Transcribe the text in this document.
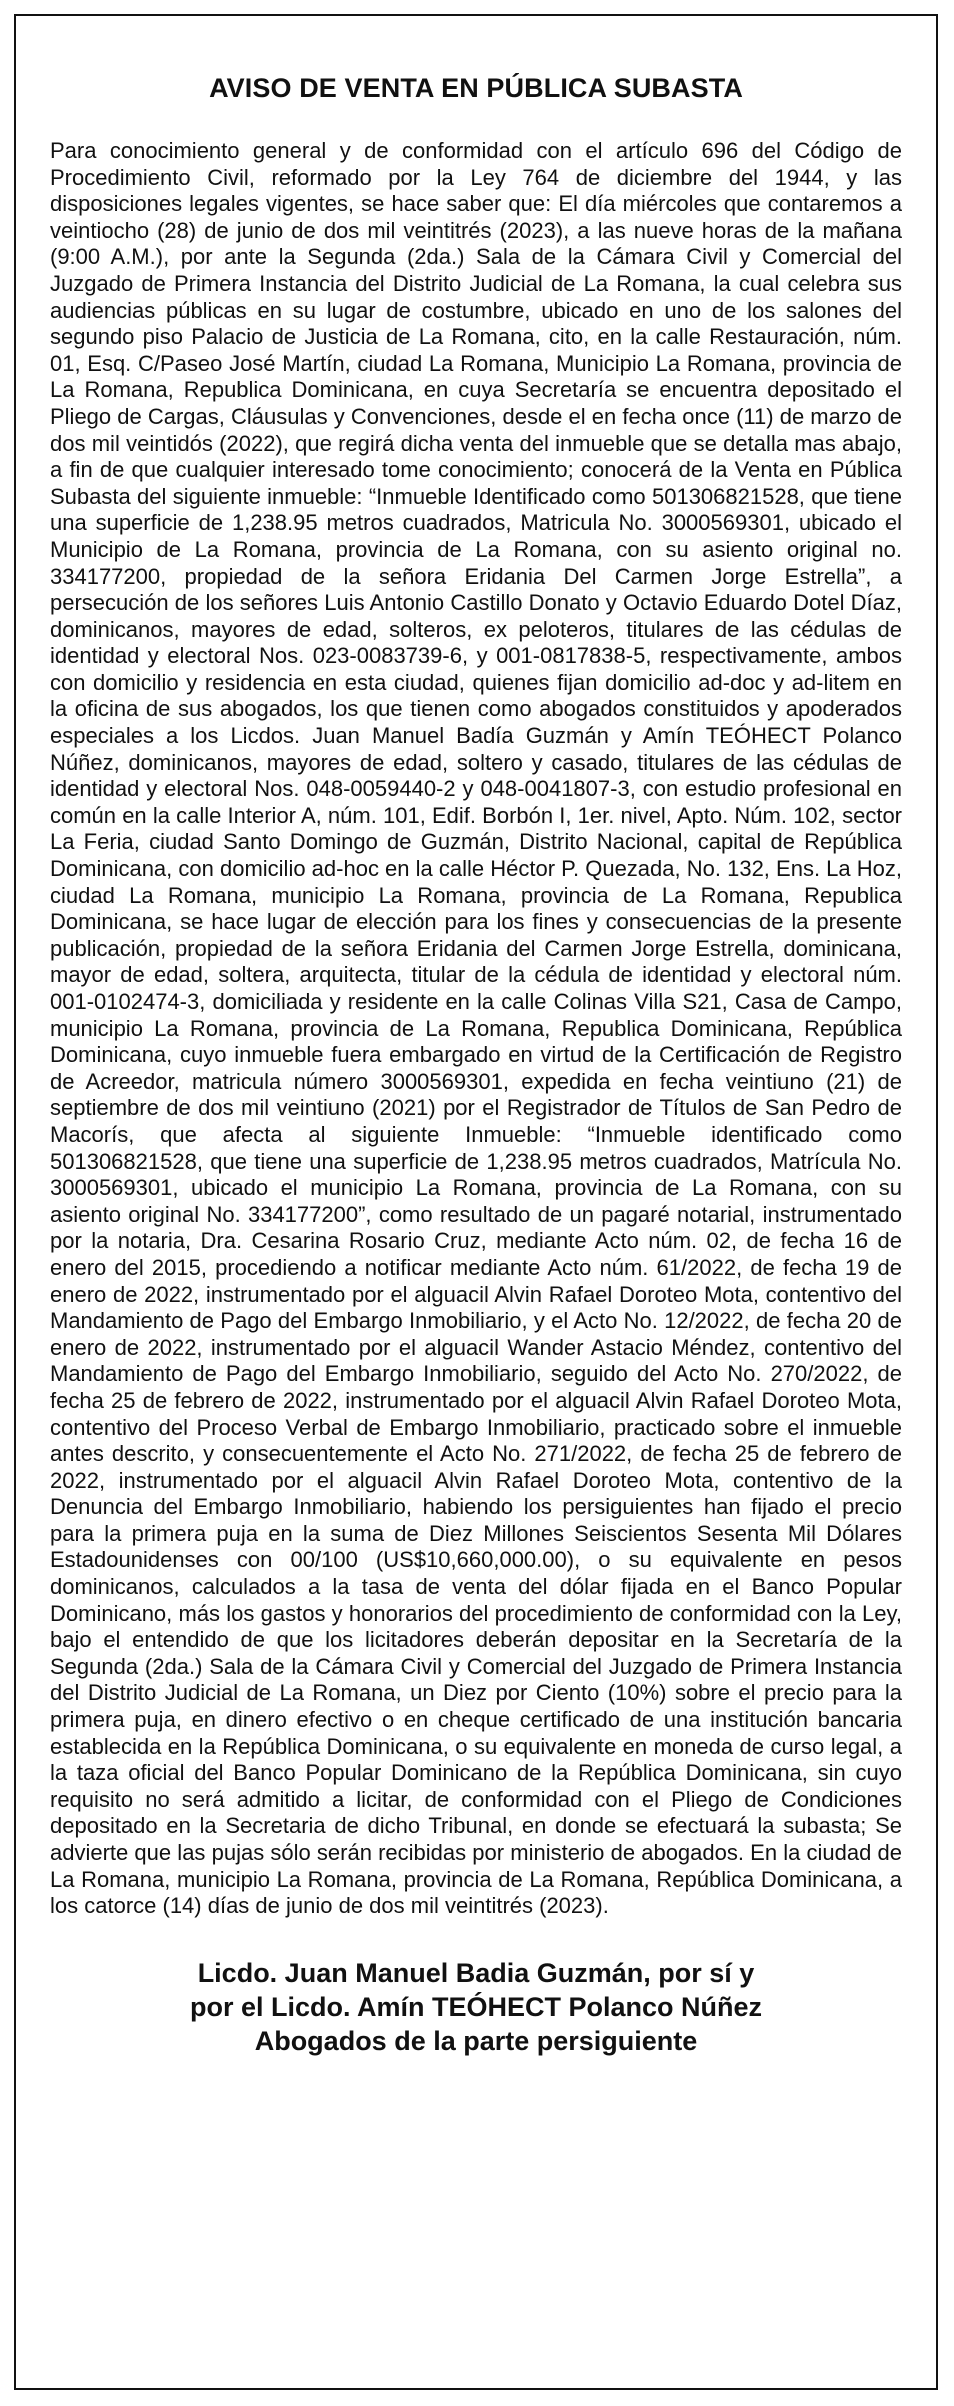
AVISO DE VENTA EN PÚBLICA SUBASTA

Para conocimiento general y de conformidad con el artículo 696 del Código de Procedimiento Civil, reformado por la Ley 764 de diciembre del 1944, y las disposiciones legales vigentes, se hace saber que: El día miércoles que contaremos a veintiocho (28) de junio de dos mil veintitrés (2023), a las nueve horas de la mañana (9:00 A.M.), por ante la Segunda (2da.) Sala de la Cámara Civil y Comercial del Juzgado de Primera Instancia del Distrito Judicial de La Romana, la cual celebra sus audiencias públicas en su lugar de costumbre, ubicado en uno de los salones del segundo piso Palacio de Justicia de La Romana, cito, en la calle Restauración, núm. 01, Esq. C/Paseo José Martín, ciudad La Romana, Municipio La Romana, provincia de La Romana, Republica Dominicana, en cuya Secretaría se encuentra depositado el Pliego de Cargas, Cláusulas y Convenciones, desde el en fecha once (11) de marzo de dos mil veintidós (2022), que regirá dicha venta del inmueble que se detalla mas abajo, a fin de que cualquier interesado tome conocimiento; conocerá de la Venta en Pública Subasta del siguiente inmueble: “Inmueble Identificado como 501306821528, que tiene una superficie de 1,238.95 metros cuadrados, Matricula No. 3000569301, ubicado el Municipio de La Romana, provincia de La Romana, con su asiento original no. 334177200, propiedad de la señora Eridania Del Carmen Jorge Estrella”, a persecución de los señores Luis Antonio Castillo Donato y Octavio Eduardo Dotel Díaz, dominicanos, mayores de edad, solteros, ex peloteros, titulares de las cédulas de identidad y electoral Nos. 023-0083739-6, y 001-0817838-5, respectivamente, ambos con domicilio y residencia en esta ciudad, quienes fijan domicilio ad-doc y ad-litem en la oficina de sus abogados, los que tienen como abogados constituidos y apoderados especiales a los Licdos. Juan Manuel Badía Guzmán y Amín TEÓHECT Polanco Núñez, dominicanos, mayores de edad, soltero y casado, titulares de las cédulas de identidad y electoral Nos. 048-0059440-2 y 048-0041807-3, con estudio profesional en común en la calle Interior A, núm. 101, Edif. Borbón I, 1er. nivel, Apto. Núm. 102, sector La Feria, ciudad Santo Domingo de Guzmán, Distrito Nacional, capital de República Dominicana, con domicilio ad-hoc en la calle Héctor P. Quezada, No. 132, Ens. La Hoz, ciudad La Romana, municipio La Romana, provincia de La Romana, Republica Dominicana, se hace lugar de elección para los fines y consecuencias de la presente publicación, propiedad de la señora Eridania del Carmen Jorge Estrella, dominicana, mayor de edad, soltera, arquitecta, titular de la cédula de identidad y electoral núm. 001-0102474-3, domiciliada y residente en la calle Colinas Villa S21, Casa de Campo, municipio La Romana, provincia de La Romana, Republica Dominicana, República Dominicana, cuyo inmueble fuera embargado en virtud de la Certificación de Registro de Acreedor, matricula número 3000569301, expedida en fecha veintiuno (21) de septiembre de dos mil veintiuno (2021) por el Registrador de Títulos de San Pedro de Macorís, que afecta al siguiente Inmueble: “Inmueble identificado como 501306821528, que tiene una superficie de 1,238.95 metros cuadrados, Matrícula No. 3000569301, ubicado el municipio La Romana, provincia de La Romana, con su asiento original No. 334177200”, como resultado de un pagaré notarial, instrumentado por la notaria, Dra. Cesarina Rosario Cruz, mediante Acto núm. 02, de fecha 16 de enero del 2015, procediendo a notificar mediante Acto núm. 61/2022, de fecha 19 de enero de 2022, instrumentado por el alguacil Alvin Rafael Doroteo Mota, contentivo del Mandamiento de Pago del Embargo Inmobiliario, y el Acto No. 12/2022, de fecha 20 de enero de 2022, instrumentado por el alguacil Wander Astacio Méndez, contentivo del Mandamiento de Pago del Embargo Inmobiliario, seguido del Acto No. 270/2022, de fecha 25 de febrero de 2022, instrumentado por el alguacil Alvin Rafael Doroteo Mota, contentivo del Proceso Verbal de Embargo Inmobiliario, practicado sobre el inmueble antes descrito, y consecuentemente el Acto No. 271/2022, de fecha 25 de febrero de 2022, instrumentado por el alguacil Alvin Rafael Doroteo Mota, contentivo de la Denuncia del Embargo Inmobiliario, habiendo los persiguientes han fijado el precio para la primera puja en la suma de Diez Millones Seiscientos Sesenta Mil Dólares Estadounidenses con 00/100 (US$10,660,000.00), o su equivalente en pesos dominicanos, calculados a la tasa de venta del dólar fijada en el Banco Popular Dominicano, más los gastos y honorarios del procedimiento de conformidad con la Ley, bajo el entendido de que los licitadores deberán depositar en la Secretaría de la Segunda (2da.) Sala de la Cámara Civil y Comercial del Juzgado de Primera Instancia del Distrito Judicial de La Romana, un Diez por Ciento (10%) sobre el precio para la primera puja, en dinero efectivo o en cheque certificado de una institución bancaria establecida en la República Dominicana, o su equivalente en moneda de curso legal, a la taza oficial del Banco Popular Dominicano de la República Dominicana, sin cuyo requisito no será admitido a licitar, de conformidad con el Pliego de Condiciones depositado en la Secretaria de dicho Tribunal, en donde se efectuará la subasta; Se advierte que las pujas sólo serán recibidas por ministerio de abogados. En la ciudad de La Romana, municipio La Romana, provincia de La Romana, República Dominicana, a los catorce (14) días de junio de dos mil veintitrés (2023).

Licdo. Juan Manuel Badia Guzmán, por sí y
por el Licdo. Amín TEÓHECT Polanco Núñez
Abogados de la parte persiguiente
